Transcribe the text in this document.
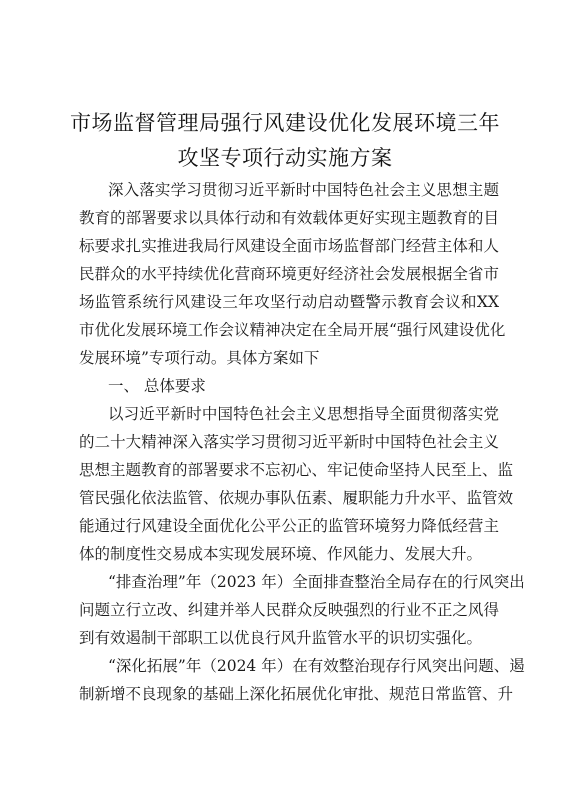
市场监督管理局强行风建设优化发展环境三年
攻坚专项行动实施方案
深入落实学习贯彻习近平新时中国特色社会主义思想主题
教育的部署要求以具体行动和有效载体更好实现主题教育的目
标要求扎实推进我局行风建设全面市场监督部门经营主体和人
民群众的水平持续优化营商环境更好经济社会发展根据全省市
场监管系统行风建设三年攻坚行动启动暨警示教育会议和XX
市优化发展环境工作会议精神决定在全局开展“强行风建设优化
发展环境”专项行动。具体方案如下
一、 总体要求
以习近平新时中国特色社会主义思想指导全面贯彻落实党
的二十大精神深入落实学习贯彻习近平新时中国特色社会主义
思想主题教育的部署要求不忘初心、牢记使命坚持人民至上、监
管民强化依法监管、依规办事队伍素、履职能力升水平、监管效
能通过行风建设全面优化公平公正的监管环境努力降低经营主
体的制度性交易成本实现发展环境、作风能力、发展大升。
“排查治理”年（2023 年）全面排查整治全局存在的行风突出
问题立行立改、纠建并举人民群众反映强烈的行业不正之风得
到有效遏制干部职工以优良行风升监管水平的识切实强化。
“深化拓展”年（2024 年）在有效整治现存行风突出问题、遏
制新增不良现象的基础上深化拓展优化审批、规范日常监管、升
